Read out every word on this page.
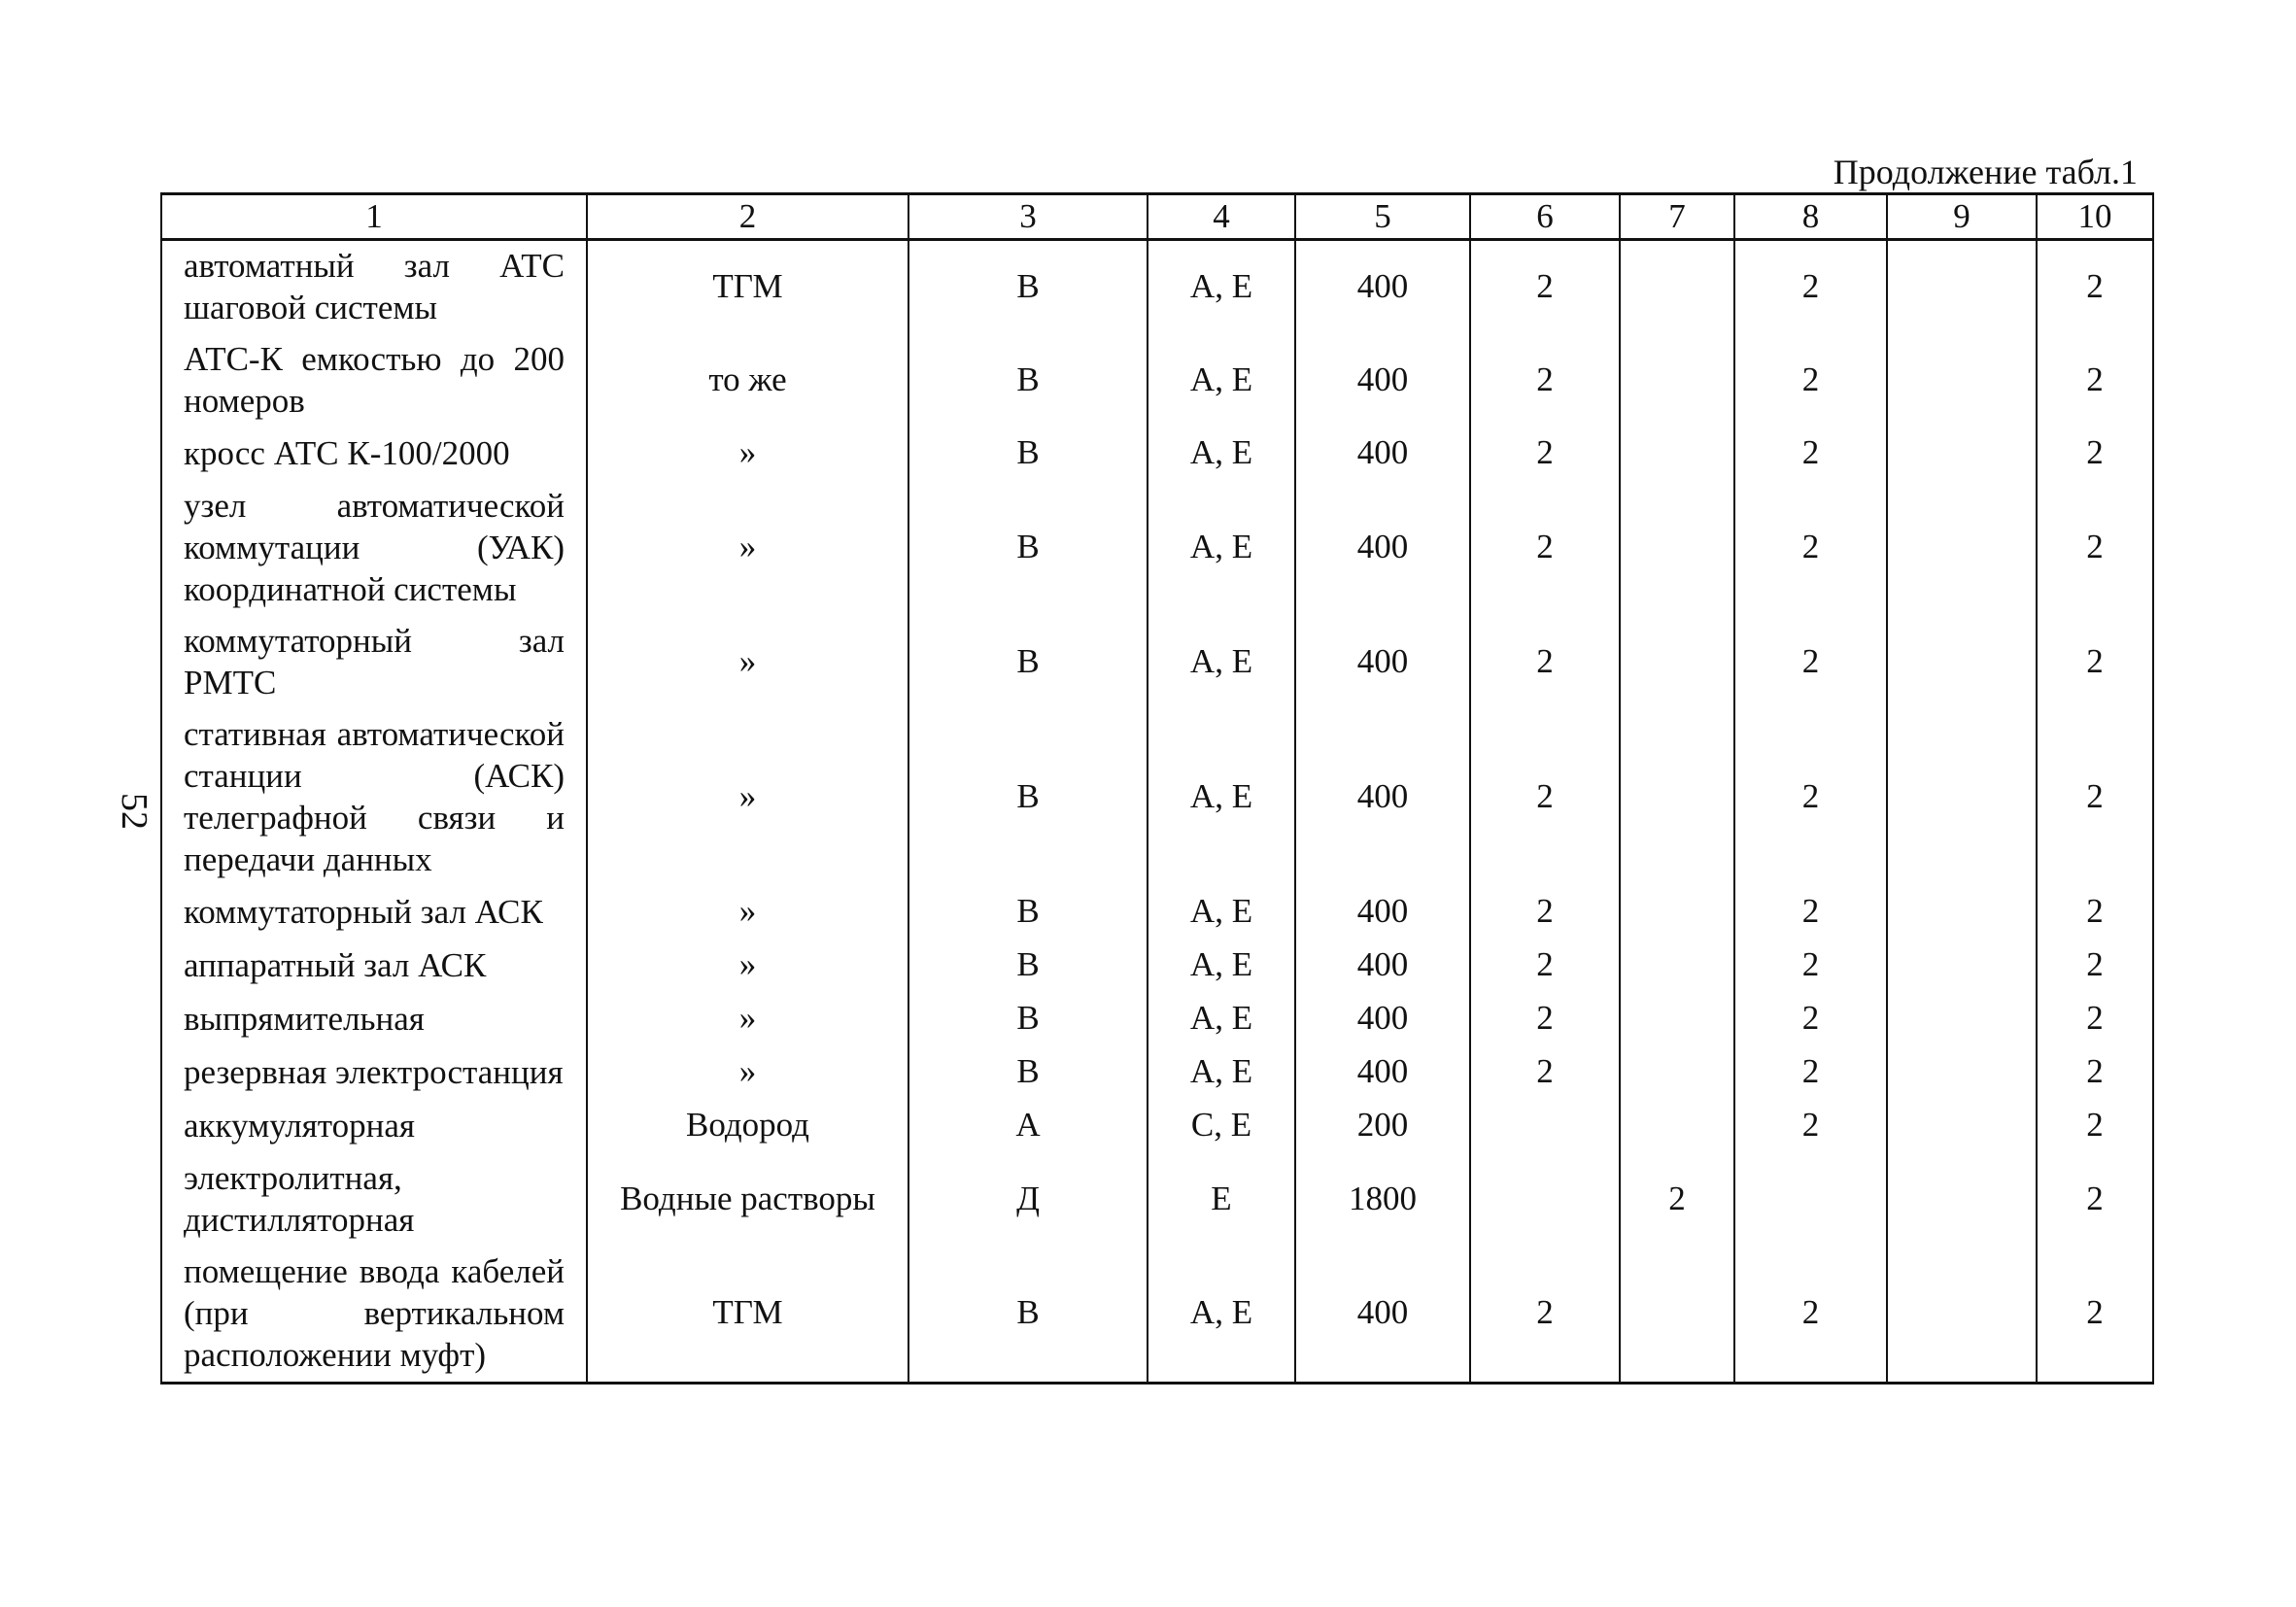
Продолжение табл.1
52
1	2	3	4	5	6	7	8	9	10
автоматный зал АТС шаговой системы	ТГМ	В	А, Е	400	2		2		2
АТС-К емкостью до 200 номеров	то же	В	А, Е	400	2		2		2
кросс АТС К-100/2000	»	В	А, Е	400	2		2		2
узел автоматической коммутации (УАК) координатной системы	»	В	А, Е	400	2		2		2
коммутаторный зал РМТС	»	В	А, Е	400	2		2		2
стативная автоматической станции (АСК) телеграфной связи и передачи данных	»	В	А, Е	400	2		2		2
коммутаторный зал АСК	»	В	А, Е	400	2		2		2
аппаратный зал АСК	»	В	А, Е	400	2		2		2
выпрямительная	»	В	А, Е	400	2		2		2
резервная электростанция	»	В	А, Е	400	2		2		2
аккумуляторная	Водород	А	С, Е	200			2		2
электролитная, дистилляторная	Водные растворы	Д	Е	1800		2			2
помещение ввода кабелей (при вертикальном расположении муфт)	ТГМ	В	А, Е	400	2		2		2
